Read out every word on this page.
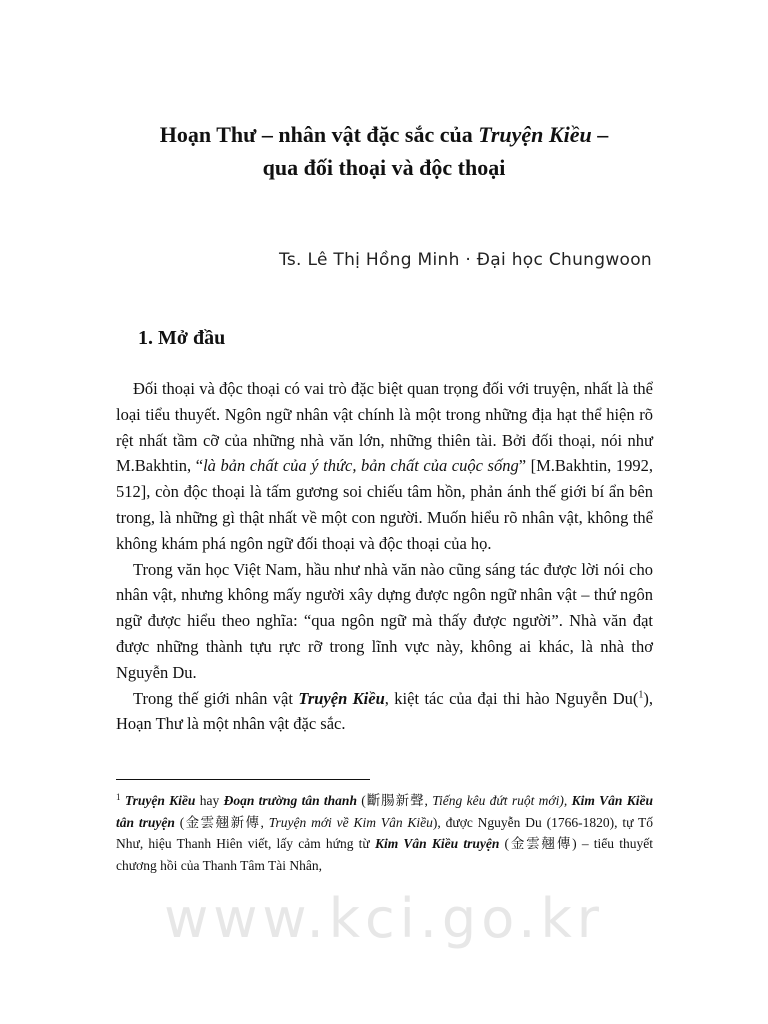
Hoạn Thư – nhân vật đặc sắc của Truyện Kiều –
qua đối thoại và độc thoại
Ts. Lê Thị Hồng Minh · Đại học Chungwoon
1. Mở đầu

Đối thoại và độc thoại có vai trò đặc biệt quan trọng đối với truyện, nhất là thể loại tiểu thuyết. Ngôn ngữ nhân vật chính là một trong những địa hạt thể hiện rõ rệt nhất tầm cỡ của những nhà văn lớn, những thiên tài. Bởi đối thoại, nói như M.Bakhtin, “là bản chất của ý thức, bản chất của cuộc sống” [M.Bakhtin, 1992, 512], còn độc thoại là tấm gương soi chiếu tâm hồn, phản ánh thế giới bí ẩn bên trong, là những gì thật nhất về một con người. Muốn hiểu rõ nhân vật, không thể không khám phá ngôn ngữ đối thoại và độc thoại của họ.

Trong văn học Việt Nam, hầu như nhà văn nào cũng sáng tác được lời nói cho nhân vật, nhưng không mấy người xây dựng được ngôn ngữ nhân vật – thứ ngôn ngữ được hiểu theo nghĩa: “qua ngôn ngữ mà thấy được người”. Nhà văn đạt được những thành tựu rực rỡ trong lĩnh vực này, không ai khác, là nhà thơ Nguyễn Du.

Trong thế giới nhân vật Truyện Kiều, kiệt tác của đại thi hào Nguyễn Du($^1$), Hoạn Thư là một nhân vật đặc sắc.

$^1$ Truyện Kiều hay Đoạn trường tân thanh (斷腸新聲, Tiếng kêu đứt ruột mới), Kim Vân Kiều tân truyện (金雲翹新傳, Truyện mới về Kim Vân Kiều), được Nguyễn Du (1766-1820), tự Tố Như, hiệu Thanh Hiên viết, lấy cảm hứng từ Kim Vân Kiều truyện (金雲翹傳) – tiểu thuyết chương hồi của Thanh Tâm Tài Nhân,
www.kci.go.kr
